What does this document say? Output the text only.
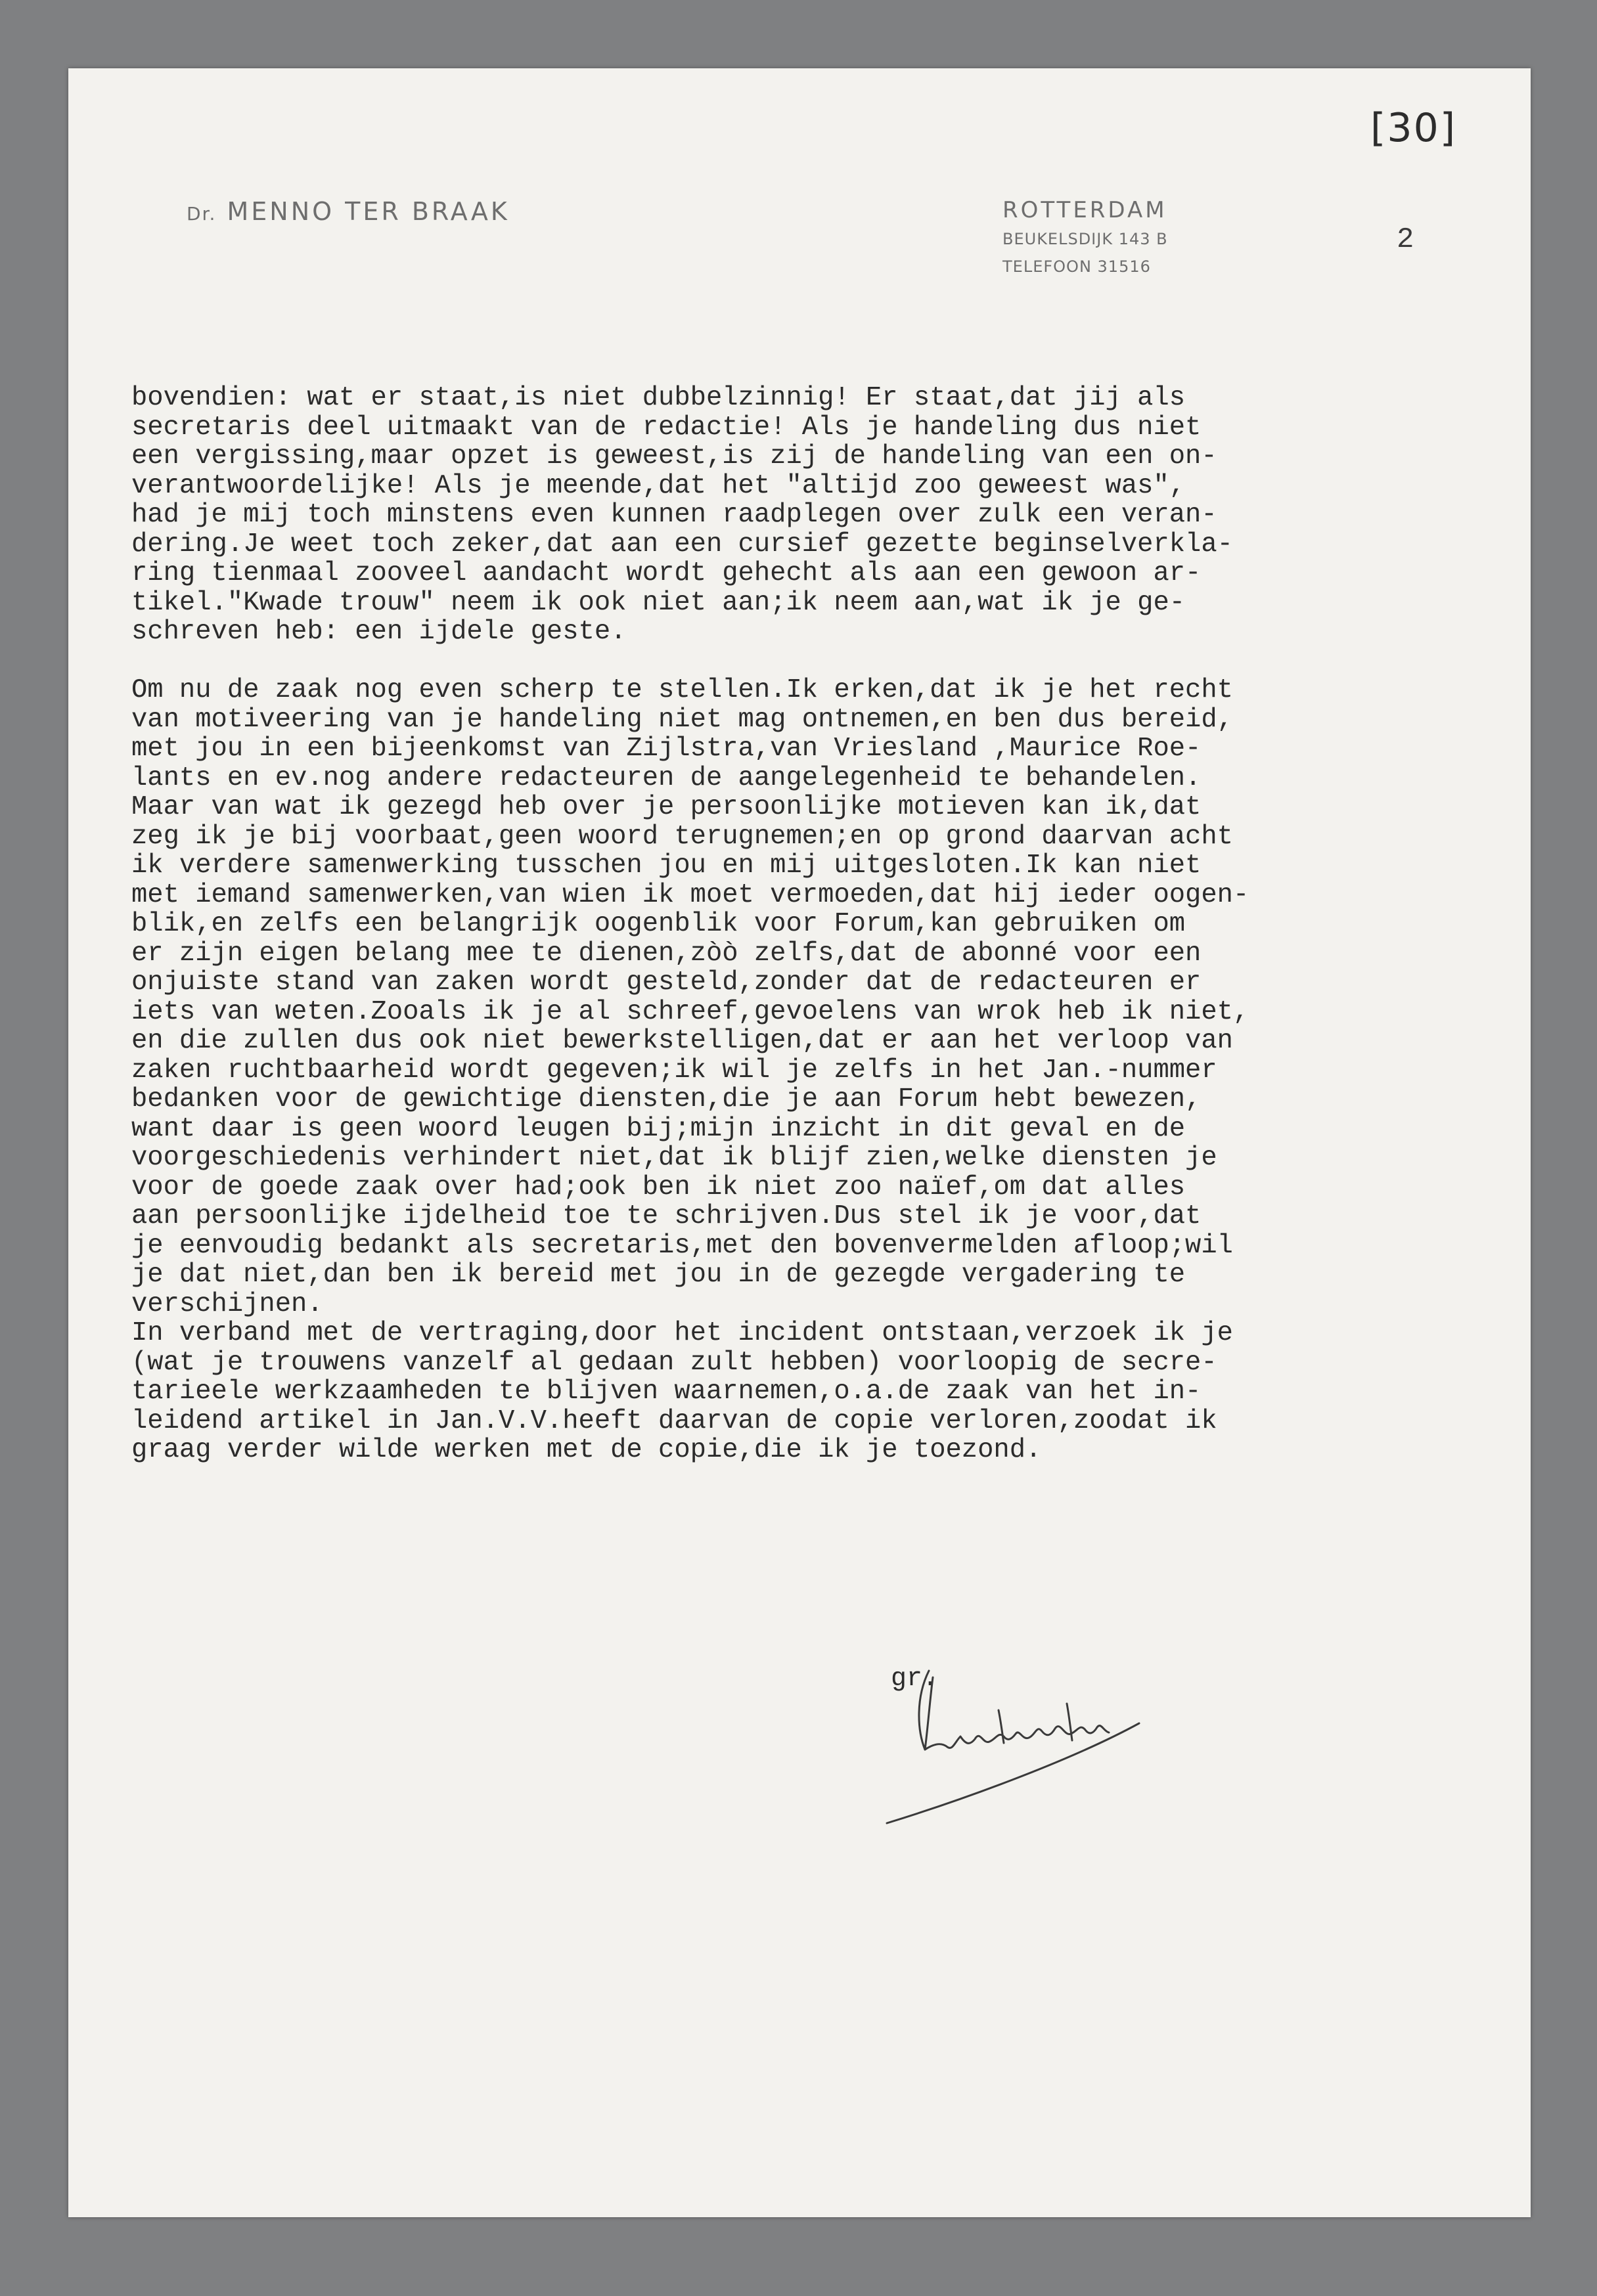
[30]
Dr. MENNO TER BRAAK	ROTTERDAM
BEUKELSDIJK 143 B
TELEFOON 31516
2
bovendien: wat er staat,is niet dubbelzinnig! Er staat,dat jij als
secretaris deel uitmaakt van de redactie! Als je handeling dus niet
een vergissing,maar opzet is geweest,is zij de handeling van een on-
verantwoordelijke! Als je meende,dat het "altijd zoo geweest was",
had je mij toch minstens even kunnen raadplegen over zulk een veran-
dering.Je weet toch zeker,dat aan een cursief gezette beginselverkla-
ring tienmaal zooveel aandacht wordt gehecht als aan een gewoon ar-
tikel."Kwade trouw" neem ik ook niet aan;ik neem aan,wat ik je ge-
schreven heb: een ijdele geste.
Om nu de zaak nog even scherp te stellen.Ik erken,dat ik je het recht
van motiveering van je handeling niet mag ontnemen,en ben dus bereid,
met jou in een bijeenkomst van Zijlstra,van Vriesland ,Maurice Roe-
lants en ev.nog andere redacteuren de aangelegenheid te behandelen.
Maar van wat ik gezegd heb over je persoonlijke motieven kan ik,dat
zeg ik je bij voorbaat,geen woord terugnemen;en op grond daarvan acht
ik verdere samenwerking tusschen jou en mij uitgesloten.Ik kan niet
met iemand samenwerken,van wien ik moet vermoeden,dat hij ieder oogen-
blik,en zelfs een belangrijk oogenblik voor Forum,kan gebruiken om
er zijn eigen belang mee te dienen,zòò zelfs,dat de abonné voor een
onjuiste stand van zaken wordt gesteld,zonder dat de redacteuren er
iets van weten.Zooals ik je al schreef,gevoelens van wrok heb ik niet,
en die zullen dus ook niet bewerkstelligen,dat er aan het verloop van
zaken ruchtbaarheid wordt gegeven;ik wil je zelfs in het Jan.-nummer
bedanken voor de gewichtige diensten,die je aan Forum hebt bewezen,
want daar is geen woord leugen bij;mijn inzicht in dit geval en de
voorgeschiedenis verhindert niet,dat ik blijf zien,welke diensten je
voor de goede zaak over had;ook ben ik niet zoo naïef,om dat alles
aan persoonlijke ijdelheid toe te schrijven.Dus stel ik je voor,dat
je eenvoudig bedankt als secretaris,met den bovenvermelden afloop;wil
je dat niet,dan ben ik bereid met jou in de gezegde vergadering te
verschijnen.
In verband met de vertraging,door het incident ontstaan,verzoek ik je
(wat je trouwens vanzelf al gedaan zult hebben) voorloopig de secre-
tarieele werkzaamheden te blijven waarnemen,o.a.de zaak van het in-
leidend artikel in Jan.V.V.heeft daarvan de copie verloren,zoodat ik
graag verder wilde werken met de copie,die ik je toezond.
gr.
